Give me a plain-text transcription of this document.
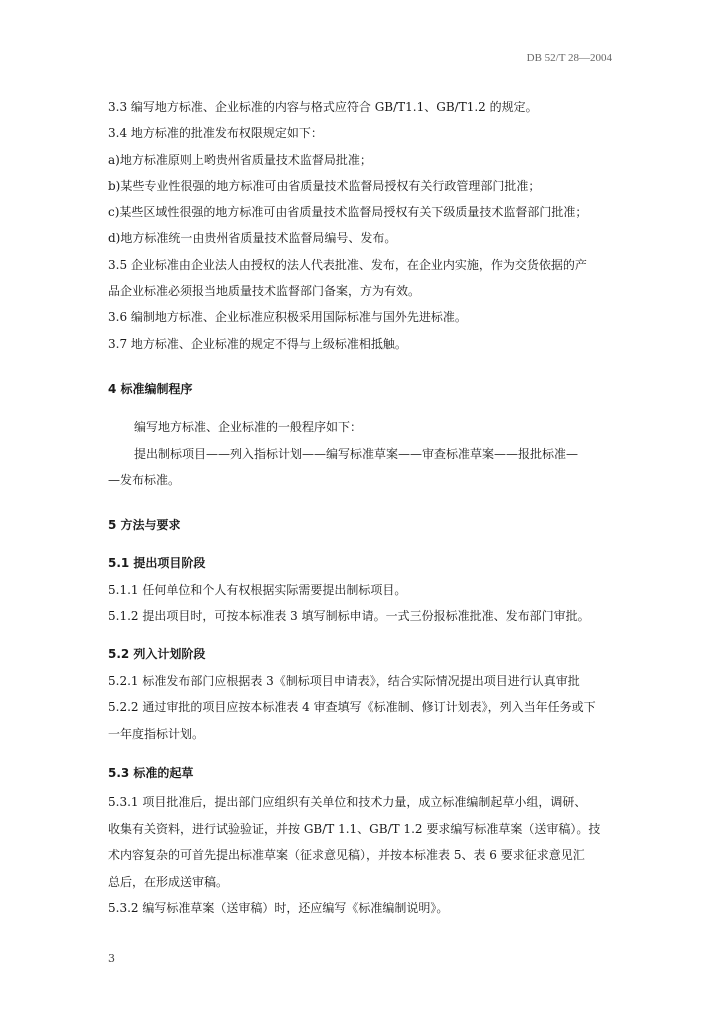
DB 52/T 28—2004
3.3 编写地方标准、企业标准的内容与格式应符合 GB/T1.1、GB/T1.2 的规定。
3.4 地方标准的批准发布权限规定如下：
a)地方标准原则上哟贵州省质量技术监督局批准；
b)某些专业性很强的地方标准可由省质量技术监督局授权有关行政管理部门批准；
c)某些区域性很强的地方标准可由省质量技术监督局授权有关下级质量技术监督部门批准；
d)地方标准统一由贵州省质量技术监督局编号、发布。
3.5 企业标准由企业法人由授权的法人代表批准、发布，在企业内实施，作为交货依据的产
品企业标准必须报当地质量技术监督部门备案，方为有效。
3.6 编制地方标准、企业标准应积极采用国际标准与国外先进标准。
3.7 地方标准、企业标准的规定不得与上级标准相抵触。
4 标准编制程序
编写地方标准、企业标准的一般程序如下：
提出制标项目——列入指标计划——编写标准草案——审查标准草案——报批标准—
—发布标准。
5 方法与要求
5.1 提出项目阶段
5.1.1 任何单位和个人有权根据实际需要提出制标项目。
5.1.2 提出项目时，可按本标准表 3 填写制标申请。一式三份报标准批准、发布部门审批。
5.2 列入计划阶段
5.2.1 标准发布部门应根据表 3《制标项目申请表》，结合实际情况提出项目进行认真审批
5.2.2 通过审批的项目应按本标准表 4 审查填写《标准制、修订计划表》，列入当年任务或下
一年度指标计划。
5.3 标准的起草
5.3.1 项目批准后，提出部门应组织有关单位和技术力量，成立标准编制起草小组，调研、
收集有关资料，进行试验验证，并按 GB/T 1.1、GB/T 1.2 要求编写标准草案（送审稿）。技
术内容复杂的可首先提出标准草案（征求意见稿），并按本标准表 5、表 6 要求征求意见汇
总后，在形成送审稿。
5.3.2 编写标准草案（送审稿）时，还应编写《标准编制说明》。
3
